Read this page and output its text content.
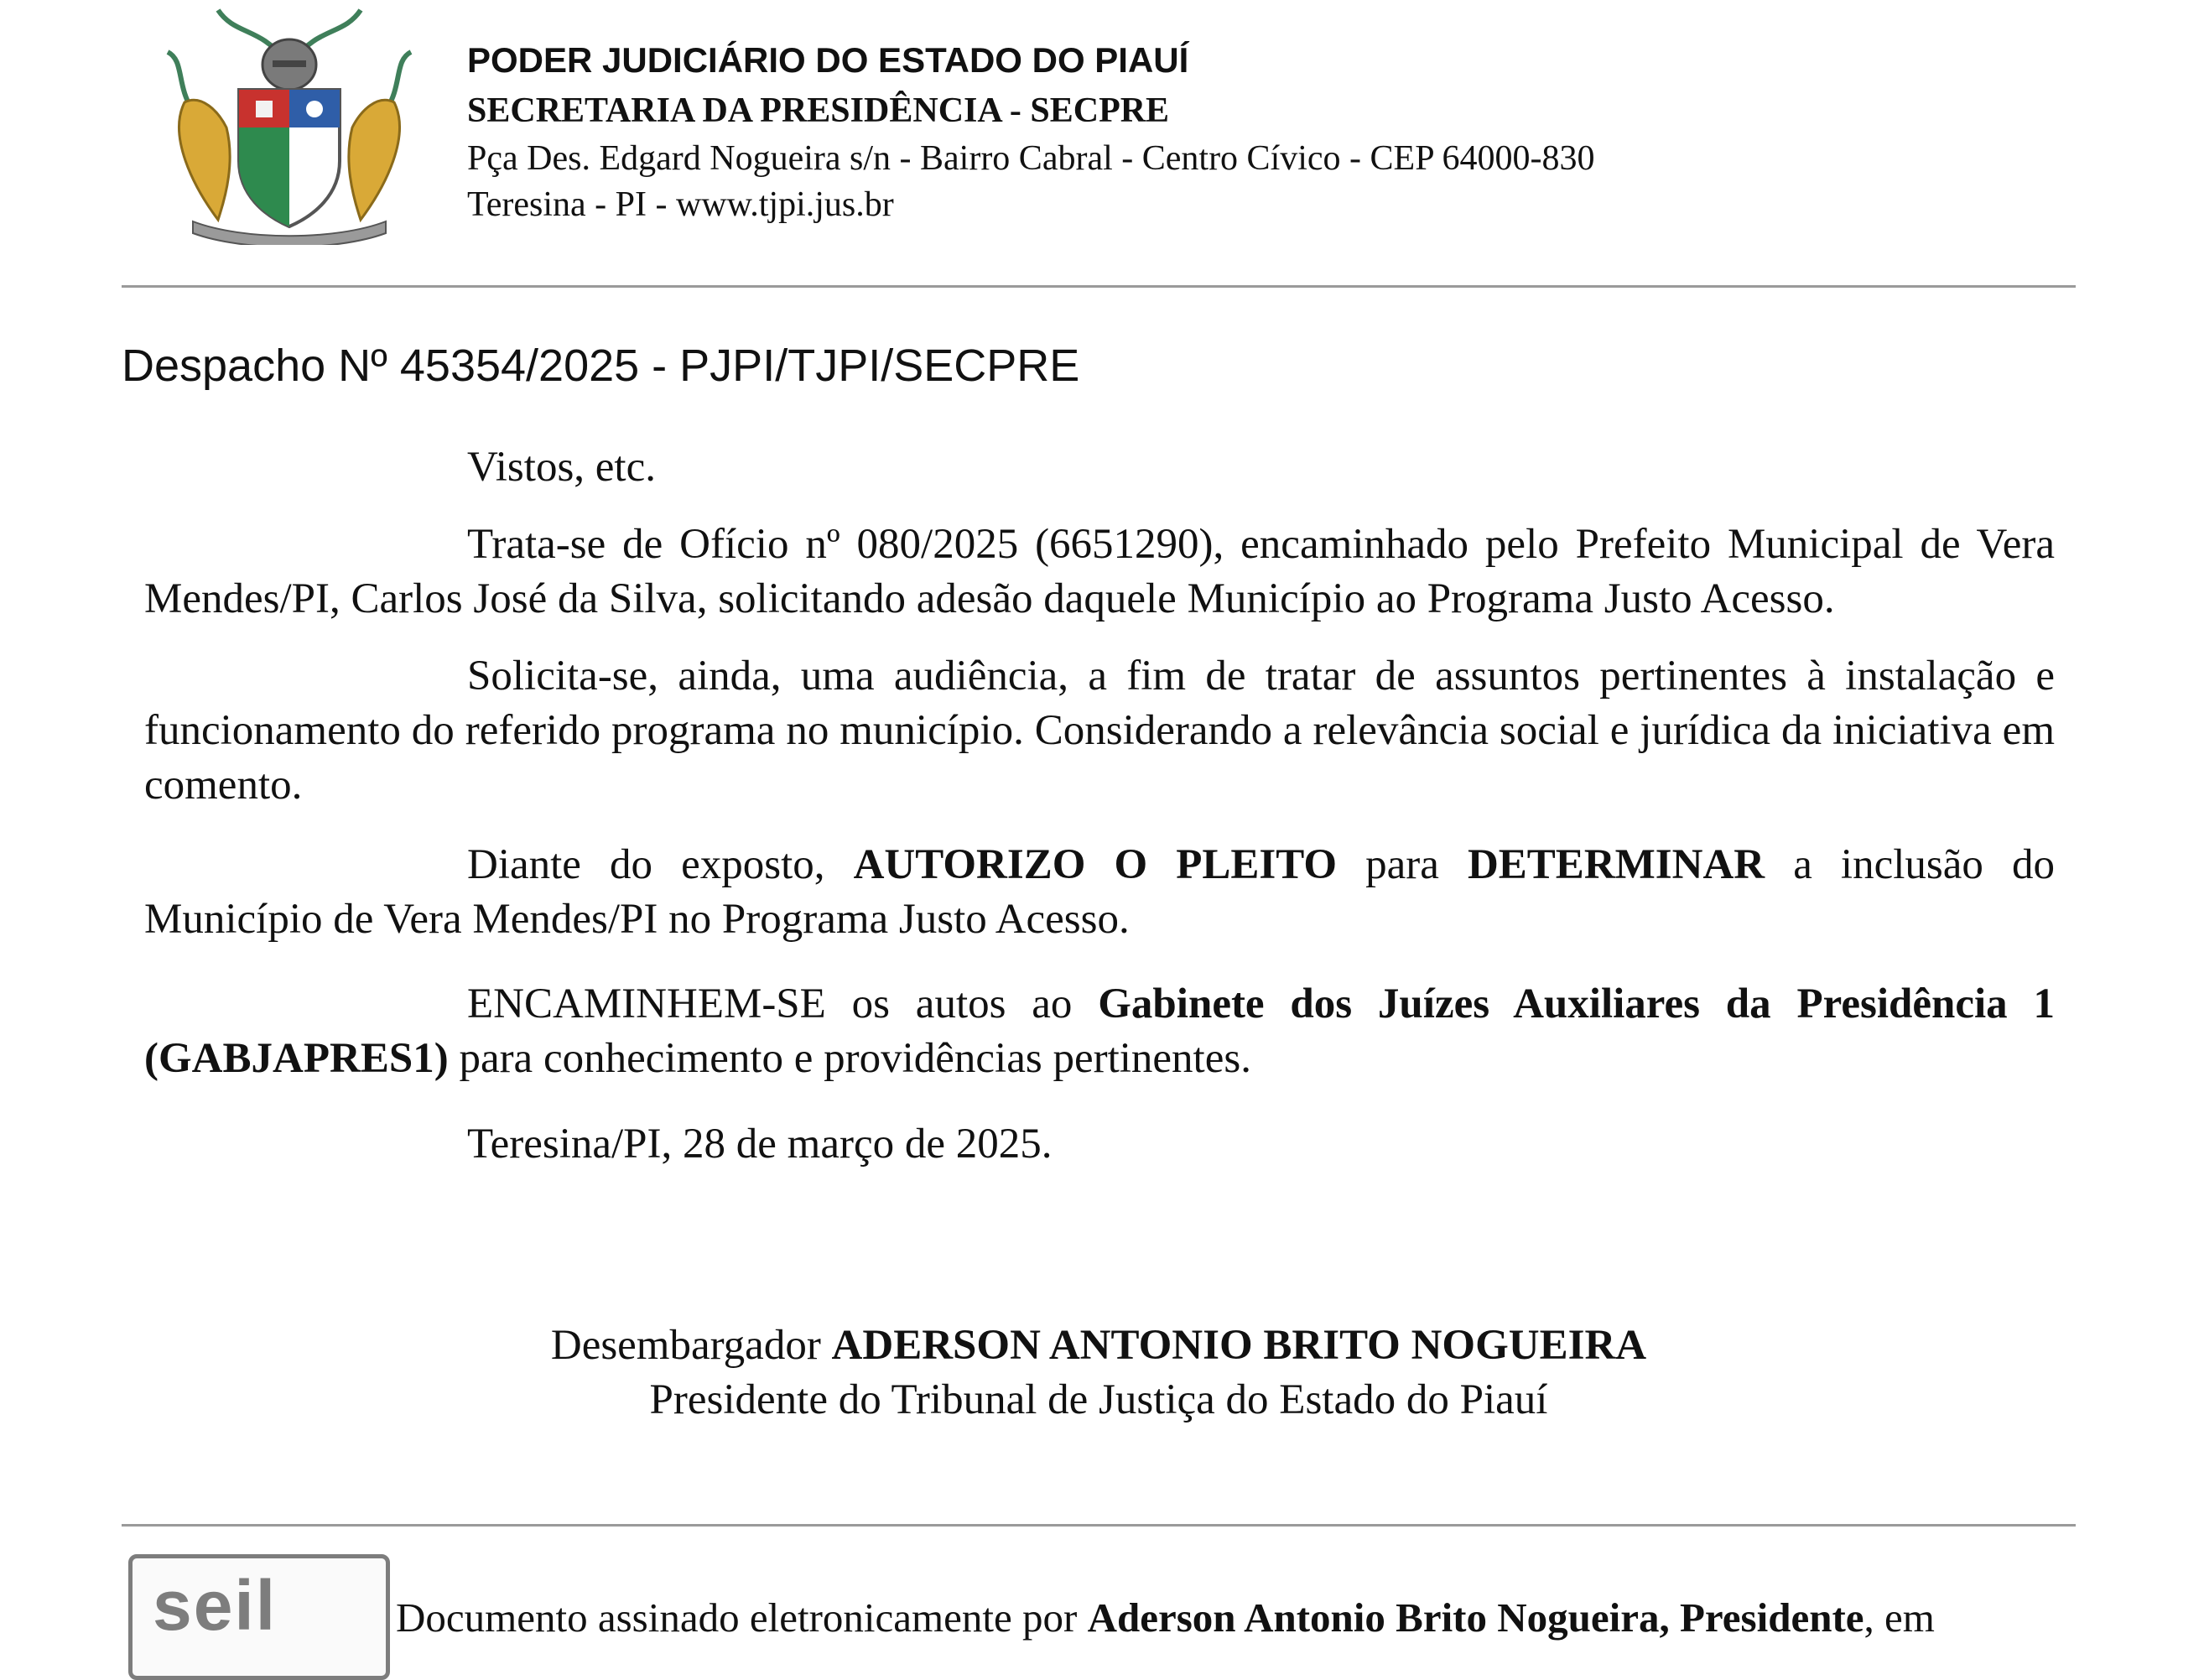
PODER JUDICIÁRIO DO ESTADO DO PIAUÍ
SECRETARIA DA PRESIDÊNCIA - SECPRE
Pça Des. Edgard Nogueira s/n - Bairro Cabral - Centro Cívico - CEP 64000-830
Teresina - PI - www.tjpi.jus.br
Despacho Nº 45354/2025 - PJPI/TJPI/SECPRE
Vistos, etc.
Trata-se de Ofício nº 080/2025 (6651290), encaminhado pelo Prefeito Municipal de Vera Mendes/PI, Carlos José da Silva, solicitando adesão daquele Município ao Programa Justo Acesso.
Solicita-se, ainda, uma audiência, a fim de tratar de assuntos pertinentes à instalação e funcionamento do referido programa no município. Considerando a relevância social e jurídica da iniciativa em comento.
Diante do exposto, AUTORIZO O PLEITO para DETERMINAR a inclusão do Município de Vera Mendes/PI no Programa Justo Acesso.
ENCAMINHEM-SE os autos ao Gabinete dos Juízes Auxiliares da Presidência 1 (GABJAPRES1) para conhecimento e providências pertinentes.
Teresina/PI, 28 de março de 2025.
Desembargador ADERSON ANTONIO BRITO NOGUEIRA
Presidente do Tribunal de Justiça do Estado do Piauí
seil	Documento assinado eletronicamente por Aderson Antonio Brito Nogueira, Presidente, em
